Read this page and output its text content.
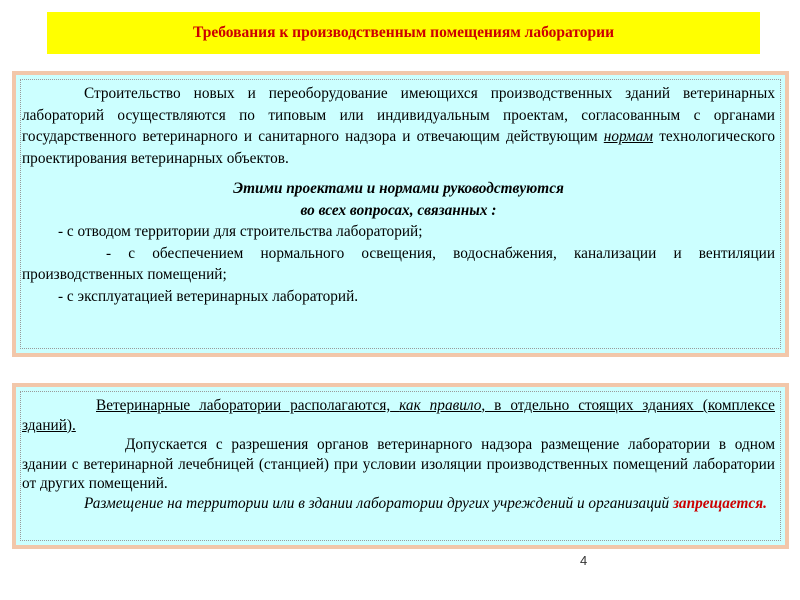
Требования к производственным помещениям лаборатории

Строительство новых и переоборудование имеющихся производственных зданий ветеринарных лабораторий осуществляются по типовым или индивидуальным проектам, согласованным с органами государственного ветеринарного и санитарного надзора и отвечающим действующим нормам технологического проектирования ветеринарных объектов.

Этими проектами и нормами руководствуются

во всех вопросах, связанных :

- с отводом территории для строительства лабораторий;

- с обеспечением нормального освещения, водоснабжения, канализации и вентиляции производственных помещений;

- с эксплуатацией ветеринарных лабораторий.

Ветеринарные лаборатории располагаются, как правило, в отдельно стоящих зданиях (комплексе зданий).

Допускается с разрешения органов ветеринарного надзора размещение лаборатории в одном здании с ветеринарной лечебницей (станцией) при условии изоляции производственных помещений лаборатории от других помещений.

Размещение на территории или в здании лаборатории других учреждений и организаций запрещается.

4
